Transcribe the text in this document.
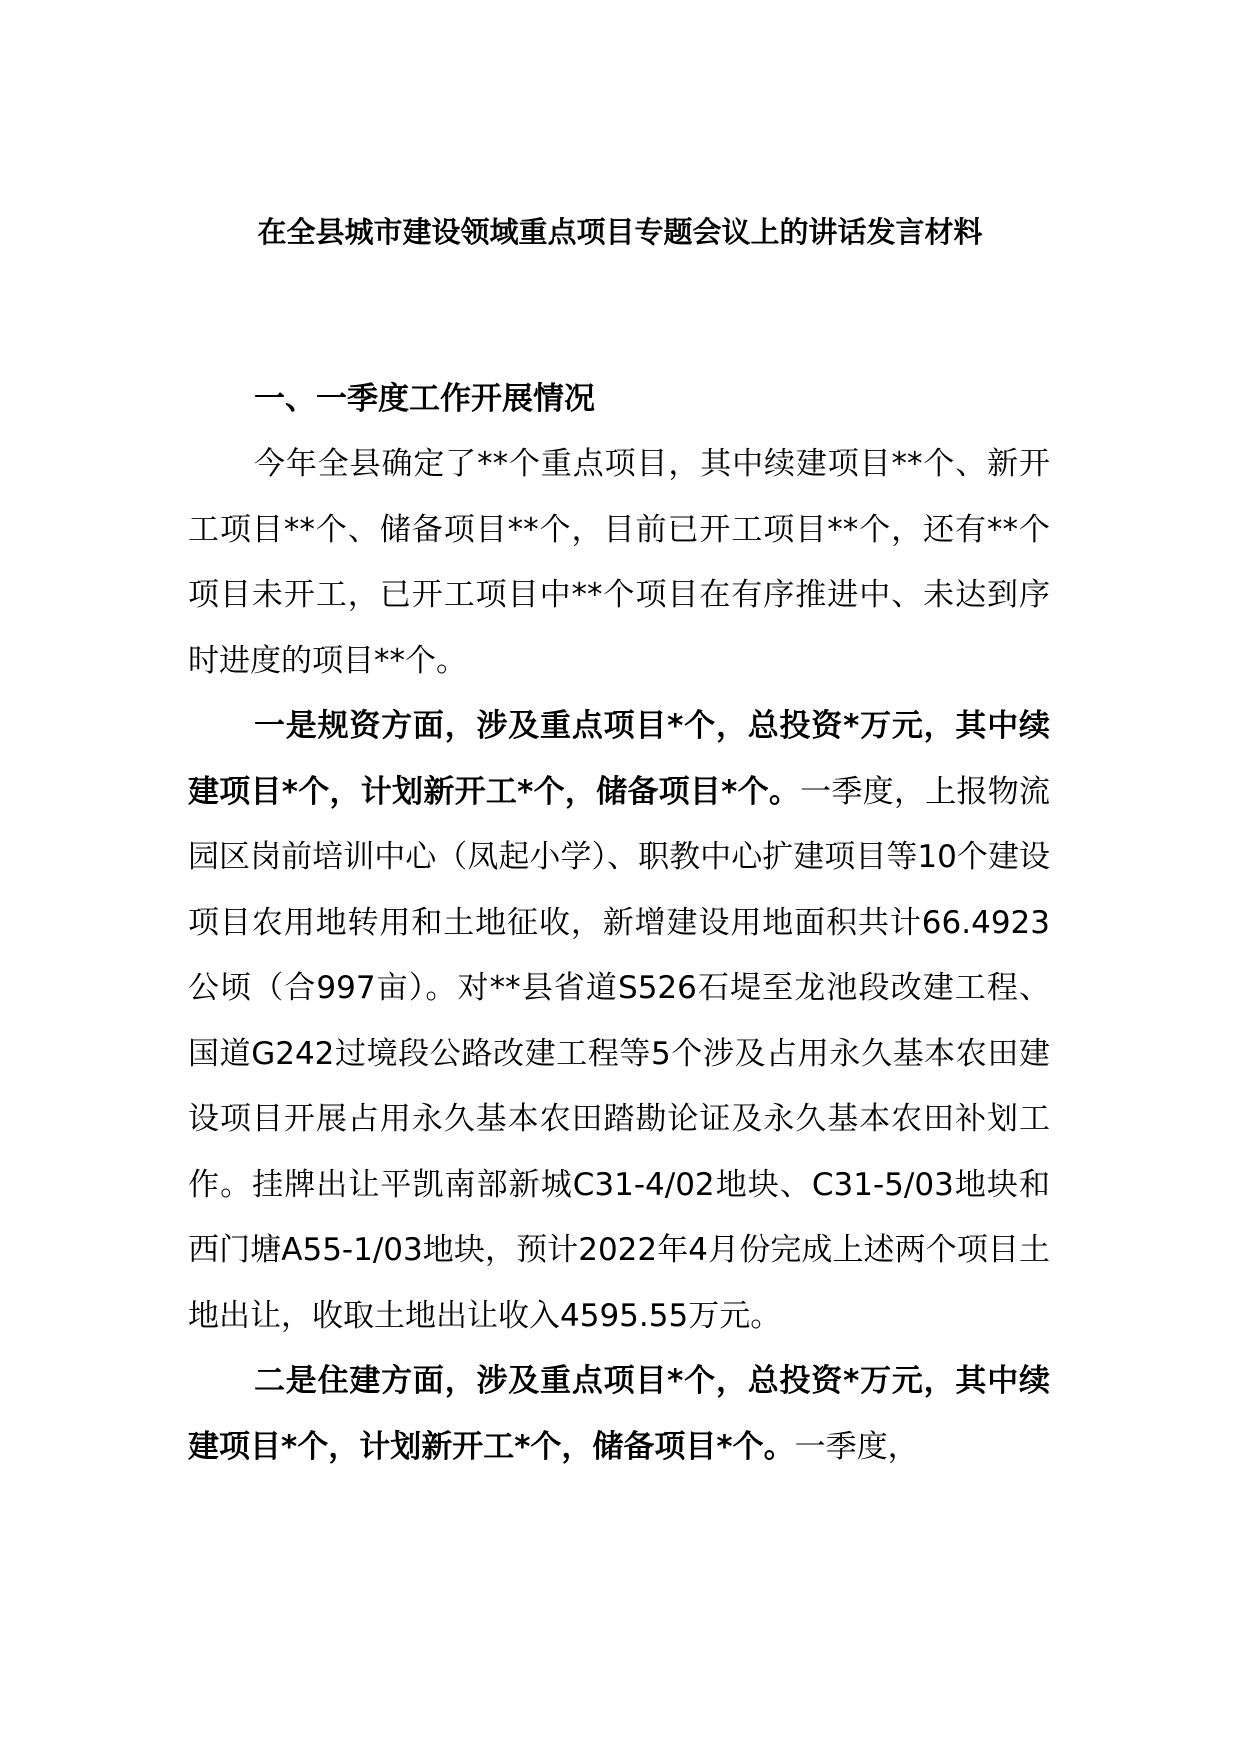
在全县城市建设领域重点项目专题会议上的讲话发言材料
一、一季度工作开展情况

今年全县确定了**个重点项目，其中续建项目**个、新开工项目**个、储备项目**个，目前已开工项目**个，还有**个项目未开工，已开工项目中**个项目在有序推进中、未达到序时进度的项目**个。

一是规资方面，涉及重点项目*个，总投资*万元，其中续建项目*个，计划新开工*个，储备项目*个。一季度，上报物流园区岗前培训中心（凤起小学）、职教中心扩建项目等10个建设项目农用地转用和土地征收，新增建设用地面积共计66.4923公顷（合997亩）。对**县省道S526石堤至龙池段改建工程、国道G242过境段公路改建工程等5个涉及占用永久基本农田建设项目开展占用永久基本农田踏勘论证及永久基本农田补划工作。挂牌出让平凯南部新城C31-4/02地块、C31-5/03地块和西门塘A55-1/03地块，预计2022年4月份完成上述两个项目土地出让，收取土地出让收入4595.55万元。

二是住建方面，涉及重点项目*个，总投资*万元，其中续建项目*个，计划新开工*个，储备项目*个。一季度，
